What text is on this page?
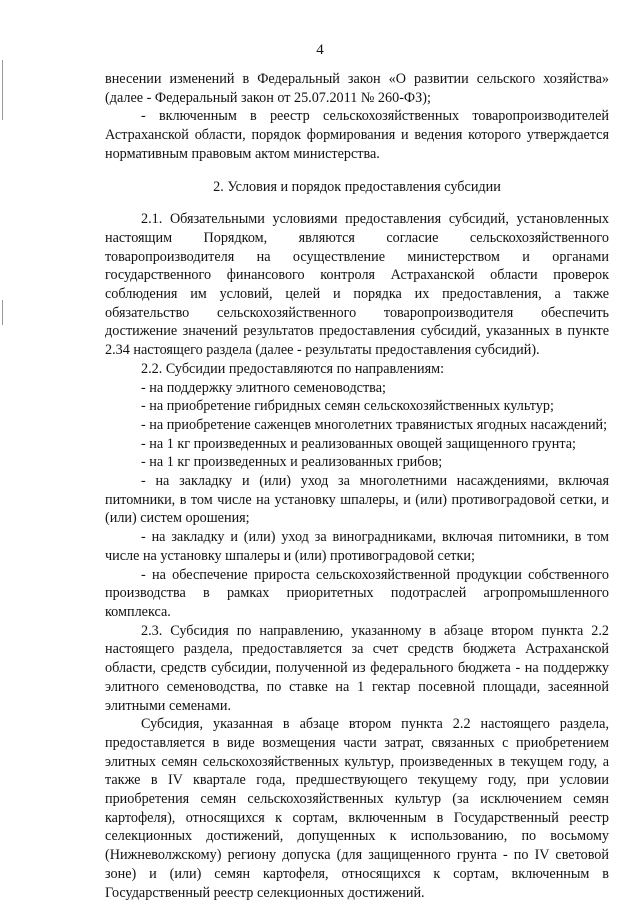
4

внесении изменений в Федеральный закон «О развитии сельского хозяйства» (далее - Федеральный закон от 25.07.2011 № 260-ФЗ);

- включенным в реестр сельскохозяйственных товаропроизводителей Астраханской области, порядок формирования и ведения которого утверждается нормативным правовым актом министерства.

2. Условия и порядок предоставления субсидии

2.1. Обязательными условиями предоставления субсидий, установленных настоящим Порядком, являются согласие сельскохозяйственного товаропроизводителя на осуществление министерством и органами государственного финансового контроля Астраханской области проверок соблюдения им условий, целей и порядка их предоставления, а также обязательство сельскохозяйственного товаропроизводителя обеспечить достижение значений результатов предоставления субсидий, указанных в пункте 2.34 настоящего раздела (далее - результаты предоставления субсидий).

2.2. Субсидии предоставляются по направлениям:

- на поддержку элитного семеноводства;

- на приобретение гибридных семян сельскохозяйственных культур;

- на приобретение саженцев многолетних травянистых ягодных насаждений;

- на 1 кг произведенных и реализованных овощей защищенного грунта;

- на 1 кг произведенных и реализованных грибов;

- на закладку и (или) уход за многолетними насаждениями, включая питомники, в том числе на установку шпалеры, и (или) противоградовой сетки, и (или) систем орошения;

- на закладку и (или) уход за виноградниками, включая питомники, в том числе на установку шпалеры и (или) противоградовой сетки;

- на обеспечение прироста сельскохозяйственной продукции собственного производства в рамках приоритетных подотраслей агропромышленного комплекса.

2.3. Субсидия по направлению, указанному в абзаце втором пункта 2.2 настоящего раздела, предоставляется за счет средств бюджета Астраханской области, средств субсидии, полученной из федерального бюджета - на поддержку элитного семеноводства, по ставке на 1 гектар посевной площади, засеянной элитными семенами.

Субсидия, указанная в абзаце втором пункта 2.2 настоящего раздела, предоставляется в виде возмещения части затрат, связанных с приобретением элитных семян сельскохозяйственных культур, произведенных в текущем году, а также в IV квартале года, предшествующего текущему году, при условии приобретения семян сельскохозяйственных культур (за исключением семян картофеля), относящихся к сортам, включенным в Государственный реестр селекционных достижений, допущенных к использованию, по восьмому (Нижневолжскому) региону допуска (для защищенного грунта - по IV световой зоне) и (или) семян картофеля, относящихся к сортам, включенным в Государственный реестр селекционных достижений.
